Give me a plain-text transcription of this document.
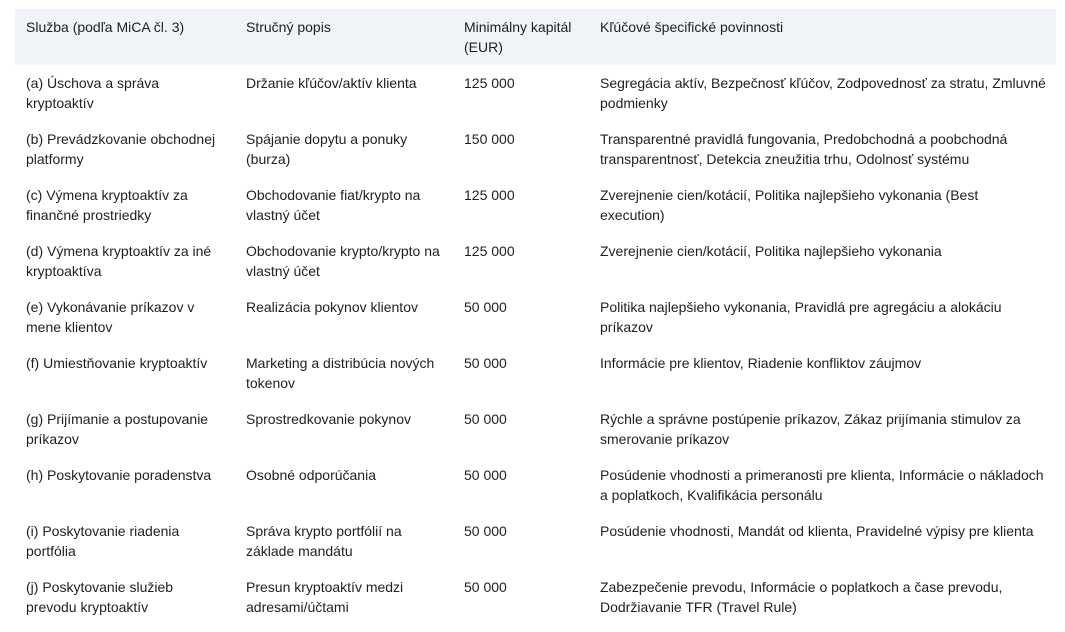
Služba (podľa MiCA čl. 3)	Stručný popis	Minimálny kapitál (EUR)	Kľúčové špecifické povinnosti
(a) Úschova a správa kryptoaktív	Držanie kľúčov/aktív klienta	125 000	Segregácia aktív, Bezpečnosť kľúčov, Zodpovednosť za stratu, Zmluvné podmienky
(b) Prevádzkovanie obchodnej platformy	Spájanie dopytu a ponuky (burza)	150 000	Transparentné pravidlá fungovania, Predobchodná a poobchodná transparentnosť, Detekcia zneužitia trhu, Odolnosť systému
(c) Výmena kryptoaktív za finančné prostriedky	Obchodovanie fiat/krypto na vlastný účet	125 000	Zverejnenie cien/kotácií, Politika najlepšieho vykonania (Best execution)
(d) Výmena kryptoaktív za iné kryptoaktíva	Obchodovanie krypto/krypto na vlastný účet	125 000	Zverejnenie cien/kotácií, Politika najlepšieho vykonania
(e) Vykonávanie príkazov v mene klientov	Realizácia pokynov klientov	50 000	Politika najlepšieho vykonania, Pravidlá pre agregáciu a alokáciu príkazov
(f) Umiestňovanie kryptoaktív	Marketing a distribúcia nových tokenov	50 000	Informácie pre klientov, Riadenie konfliktov záujmov
(g) Prijímanie a postupovanie príkazov	Sprostredkovanie pokynov	50 000	Rýchle a správne postúpenie príkazov, Zákaz prijímania stimulov za smerovanie príkazov
(h) Poskytovanie poradenstva	Osobné odporúčania	50 000	Posúdenie vhodnosti a primeranosti pre klienta, Informácie o nákladoch a poplatkoch, Kvalifikácia personálu
(i) Poskytovanie riadenia portfólia	Správa krypto portfólií na základe mandátu	50 000	Posúdenie vhodnosti, Mandát od klienta, Pravidelné výpisy pre klienta
(j) Poskytovanie služieb prevodu kryptoaktív	Presun kryptoaktív medzi adresami/účtami	50 000	Zabezpečenie prevodu, Informácie o poplatkoch a čase prevodu, Dodržiavanie TFR (Travel Rule)
